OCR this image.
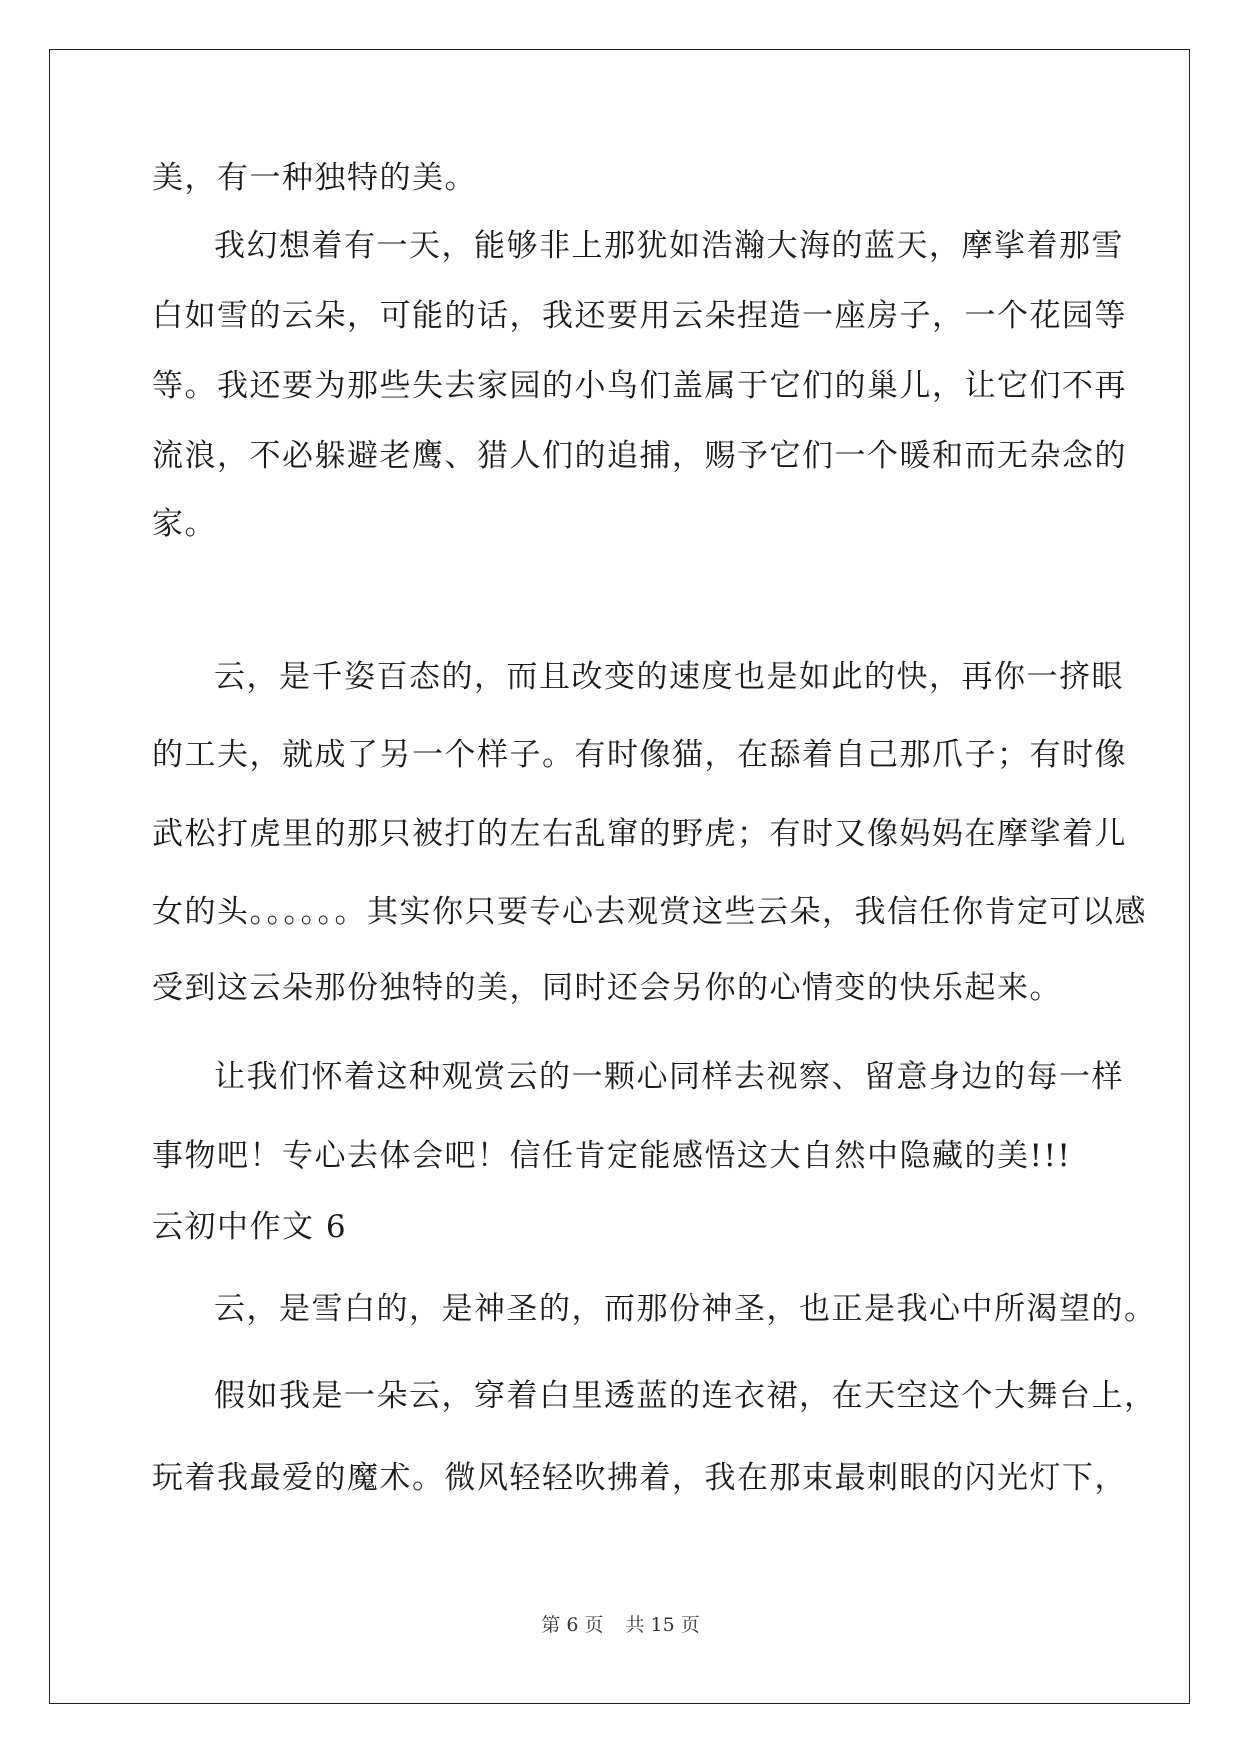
美，有一种独特的美。
我幻想着有一天，能够非上那犹如浩瀚大海的蓝天，摩挲着那雪
白如雪的云朵，可能的话，我还要用云朵捏造一座房子，一个花园等
等。我还要为那些失去家园的小鸟们盖属于它们的巢儿，让它们不再
流浪，不必躲避老鹰、猎人们的追捕，赐予它们一个暖和而无杂念的
家。
云，是千姿百态的，而且改变的速度也是如此的快，再你一挤眼
的工夫，就成了另一个样子。有时像猫，在舔着自己那爪子；有时像
武松打虎里的那只被打的左右乱窜的野虎；有时又像妈妈在摩挲着儿
女的头。。。。。。其实你只要专心去观赏这些云朵，我信任你肯定可以感
受到这云朵那份独特的美，同时还会另你的心情变的快乐起来。
让我们怀着这种观赏云的一颗心同样去视察、留意身边的每一样
事物吧！专心去体会吧！信任肯定能感悟这大自然中隐藏的美!!!
云初中作文 6
云，是雪白的，是神圣的，而那份神圣，也正是我心中所渴望的。
假如我是一朵云，穿着白里透蓝的连衣裙，在天空这个大舞台上，
玩着我最爱的魔术。微风轻轻吹拂着，我在那束最刺眼的闪光灯下，
第 6 页 共 15 页
